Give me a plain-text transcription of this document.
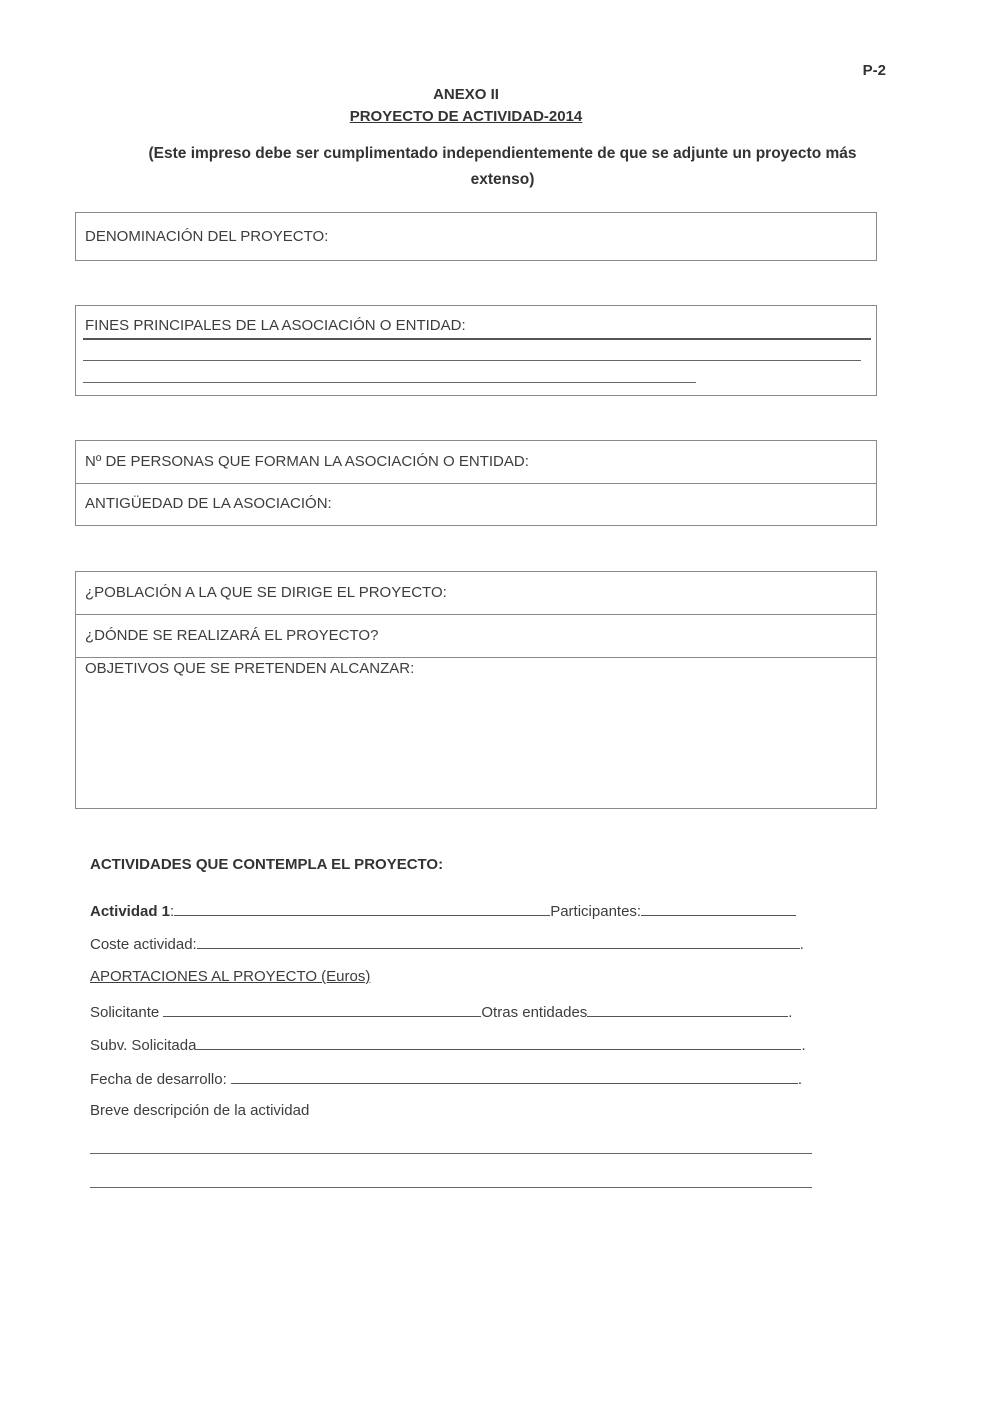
P-2
ANEXO II
PROYECTO DE ACTIVIDAD-2014
(Este impreso debe ser cumplimentado independientemente de que se adjunte un proyecto más extenso)
DENOMINACIÓN DEL PROYECTO:
FINES PRINCIPALES DE LA ASOCIACIÓN O ENTIDAD:
Nº DE PERSONAS QUE FORMAN LA ASOCIACIÓN O ENTIDAD:
ANTIGÜEDAD DE LA ASOCIACIÓN:
¿POBLACIÓN A LA QUE SE DIRIGE EL PROYECTO:
¿DÓNDE SE REALIZARÁ EL PROYECTO?
OBJETIVOS QUE SE PRETENDEN ALCANZAR:
ACTIVIDADES QUE CONTEMPLA EL PROYECTO:
Actividad 1:	Participantes:
Coste actividad:	.
APORTACIONES AL PROYECTO (Euros)
Solicitante	Otras entidades	.
Subv. Solicitada	.
Fecha de desarrollo:	.
Breve descripción de la actividad
